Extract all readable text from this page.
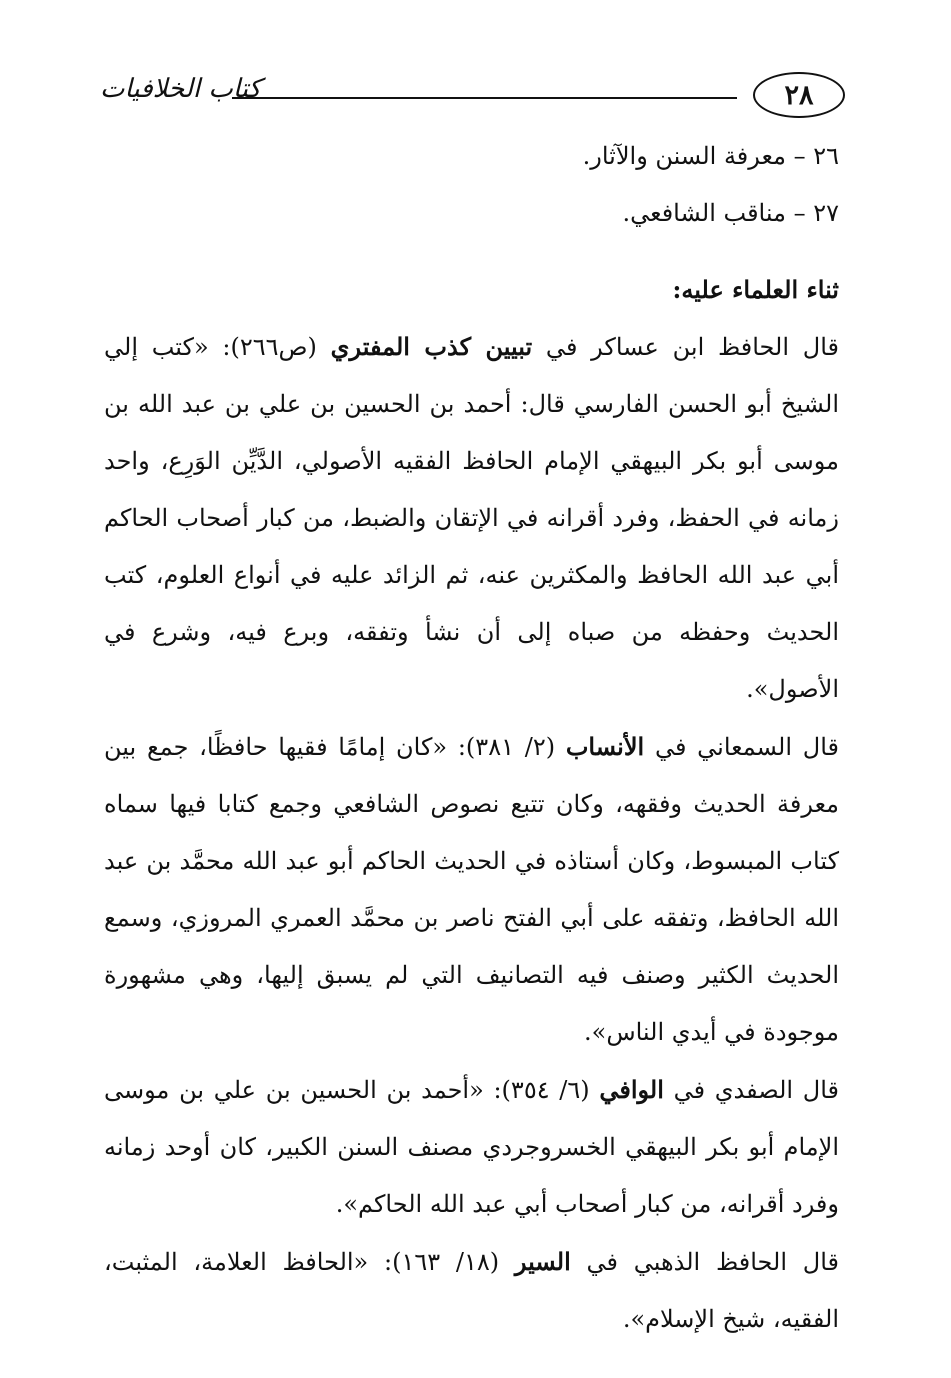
كتاب الخلافيات	٢٨

٢٦ – معرفة السنن والآثار.

٢٧ – مناقب الشافعي.

ثناء العلماء عليه:

قال الحافظ ابن عساكر في تبيين كذب المفتري (ص٢٦٦): «كتب إلي الشيخ أبو الحسن الفارسي قال: أحمد بن الحسين بن علي بن عبد الله بن موسى أبو بكر البيهقي الإمام الحافظ الفقيه الأصولي، الدَّيِّن الوَرِع، واحد زمانه في الحفظ، وفرد أقرانه في الإتقان والضبط، من كبار أصحاب الحاكم أبي عبد الله الحافظ والمكثرين عنه، ثم الزائد عليه في أنواع العلوم، كتب الحديث وحفظه من صباه إلى أن نشأ وتفقه، وبرع فيه، وشرع في الأصول».

قال السمعاني في الأنساب (٢/ ٣٨١): «كان إمامًا فقيها حافظًا، جمع بين معرفة الحديث وفقهه، وكان تتبع نصوص الشافعي وجمع كتابا فيها سماه كتاب المبسوط، وكان أستاذه في الحديث الحاكم أبو عبد الله محمَّد بن عبد الله الحافظ، وتفقه على أبي الفتح ناصر بن محمَّد العمري المروزي، وسمع الحديث الكثير وصنف فيه التصانيف التي لم يسبق إليها، وهي مشهورة موجودة في أيدي الناس».

قال الصفدي في الوافي (٦/ ٣٥٤): «أحمد بن الحسين بن علي بن موسى الإمام أبو بكر البيهقي الخسروجردي مصنف السنن الكبير، كان أوحد زمانه وفرد أقرانه، من كبار أصحاب أبي عبد الله الحاكم».

قال الحافظ الذهبي في السير (١٨/ ١٦٣): «الحافظ العلامة، المثبت، الفقيه، شيخ الإسلام».
